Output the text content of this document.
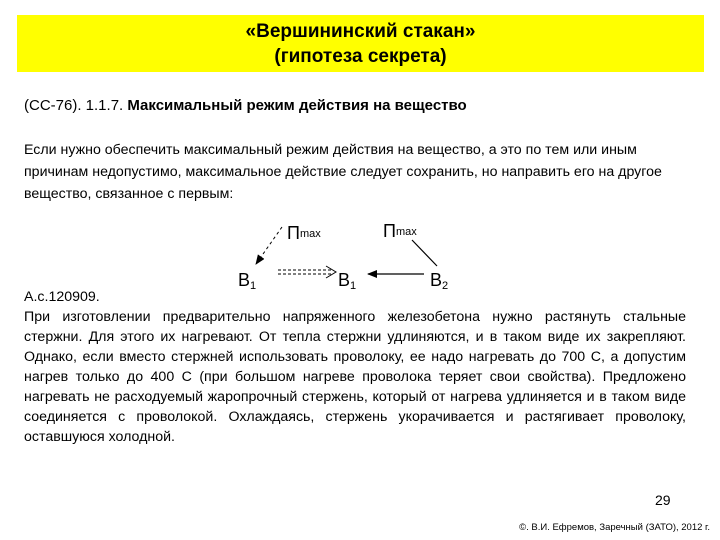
«Вершининский стакан»
(гипотеза секрета)
(СС-76). 1.1.7. Максимальный режим действия на вещество
Если нужно обеспечить максимальный режим действия на вещество, а это по тем или иным причинам недопустимо, максимальное действие следует сохранить, но направить его на другое вещество, связанное с первым:
Пmax	Пmax
В1	В1	В2
А.с.120909.
При изготовлении предварительно напряженного железобетона нужно растянуть стальные стержни. Для этого их нагревают. От тепла стержни удлиняются, и в таком виде их закрепляют. Однако, если вместо стержней использовать проволоку, ее надо нагревать до 700 С, а допустим нагрев только до 400 С (при большом нагреве проволока теряет свои свойства). Предложено нагревать не расходуемый жаропрочный стержень, который от нагрева удлиняется и в таком виде соединяется с проволокой. Охлаждаясь, стержень укорачивается и растягивает проволоку, оставшуюся холодной.
29
©. В.И. Ефремов, Заречный (ЗАТО), 2012 г.
